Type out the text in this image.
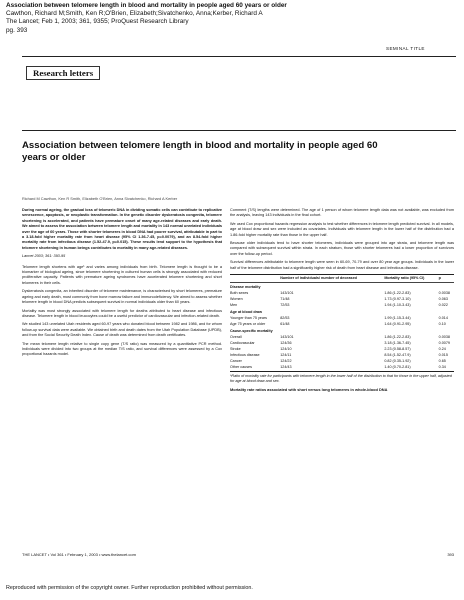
Association between telomere length in blood and mortality in people aged 60 years or older
Cawthon, Richard M;Smith, Ken R;O'Brien, Elizabeth;Sivatchenko, Anna;Kerber, Richard A
The Lancet; Feb 1, 2003; 361, 9355; ProQuest Research Library
pg. 393
SEMINAL TITLE
Research letters
Association between telomere length in blood and mortality in people aged 60 years or older
Richard M Cawthon, Ken R Smith, Elizabeth O'Brien, Anna Sivatchenko, Richard A Kerber

During normal ageing, the gradual loss of telomeric DNA in dividing somatic cells can contribute to replicative senescence, apoptosis, or neoplastic transformation. In the genetic disorder dyskeratosis congenita, telomere shortening is accelerated, and patients have premature onset of many age-related diseases and early death. We aimed to assess the association between telomere length and mortality in 143 normal unrelated individuals over the age of 60 years. Those with shorter telomeres in blood DNA had poorer survival, attributable in part to a 3.18-fold higher mortality rate from heart disease (95% CI 1.36-7.45, p=0.0079), and an 8.54-fold higher mortality rate from infectious disease (1.52-47.9, p=0.015). These results lend support to the hypothesis that telomere shortening in human beings contributes to mortality in many age-related diseases.

Lancet 2003; 361: 393-95

Telomere length shortens with age¹ and varies among individuals from birth. Telomere length is thought to be a biomarker of biological ageing, since telomere shortening in cultured human cells is strongly associated with reduced proliferative capacity. Patients with premature ageing syndromes have accelerated telomere shortening and short telomeres in their cells.

Dyskeratosis congenita, an inherited disorder of telomere maintenance, is characterised by short telomeres, premature ageing and early death, most commonly from bone marrow failure and immunodeficiency. We aimed to assess whether telomere length in blood DNA predicts subsequent survival in normal individuals older than 60 years.

Mortality was most strongly associated with telomere length for deaths attributed to heart disease and infectious disease. Telomere length in blood leucocytes could be a useful predictor of cardiovascular and infection-related death.

We studied 143 unrelated Utah residents aged 60-97 years who donated blood between 1982 and 1986, and for whom follow-up survival data were available. We obtained birth and death dates from the Utah Population Database (UPDB), and from the Social Security Death Index. Cause of death was determined from death certificates.

The mean telomere length relative to single copy gene (T/S ratio) was measured by a quantitative PCR method. Individuals were divided into two groups at the median T/S ratio, and survival differences were assessed by a Cox proportional hazards model.

Comment (T/S) lengths were determined. The age of 1 person of whom telomere length data was not available, was excluded from the analysis, leaving 143 individuals in the final cohort.

We used Cox proportional hazards regression analysis to test whether differences in telomere length predicted survival. In all models, age at blood draw and sex were included as covariates. Individuals with telomere length in the lower half of the distribution had a 1.86-fold higher mortality rate than those in the upper half.

Because older individuals tend to have shorter telomeres, individuals were grouped into age strata, and telomere length was compared with subsequent survival within strata. In each stratum, those with shorter telomeres had a lower proportion of survivors over the follow-up period.

Survival differences attributable to telomere length were seen in 60-69, 70-79 and over 80 year age groups. Individuals in the lower half of the telomere distribution had a significantly higher risk of death from heart disease and infectious disease.

	Number of individuals/ number of deceased	Mortality ratio (95% CI)	p
Disease mortality			
Both sexes	143/101	1.86 (1.22-2.83)	0.0038
Women	71/48	1.73 (0.97-3.10)	0.063
Men	72/53	1.94 (1.10-3.43)	0.022
Age at blood draw			
Younger than 75 years	82/53	1.99 (1.15-3.44)	0.014
Age 75 years or older	61/48	1.64 (0.91-2.95)	0.10
Cause-specific mortality			
Overall	143/101	1.86 (1.22-2.83)	0.0038
Cardiovascular	124/36	3.18 (1.36-7.45)	0.0079
Stroke	124/10	2.23 (0.58-8.57)	0.24
Infectious disease	124/11	8.54 (1.52-47.9)	0.015
Cancer	124/22	0.82 (0.35-1.92)	0.65
Other causes	124/43	1.40 (0.70-2.81)	0.34
*Ratio of mortality rate for participants with telomere length in the lower half of the distribution to that for those in the upper half, adjusted for age at blood draw and sex.
Mortality rate ratios associated with short versus long telomeres in whole-blood DNA
THE LANCET • Vol 361 • February 1, 2003 • www.thelancet.com	393
Reproduced with permission of the copyright owner. Further reproduction prohibited without permission.
